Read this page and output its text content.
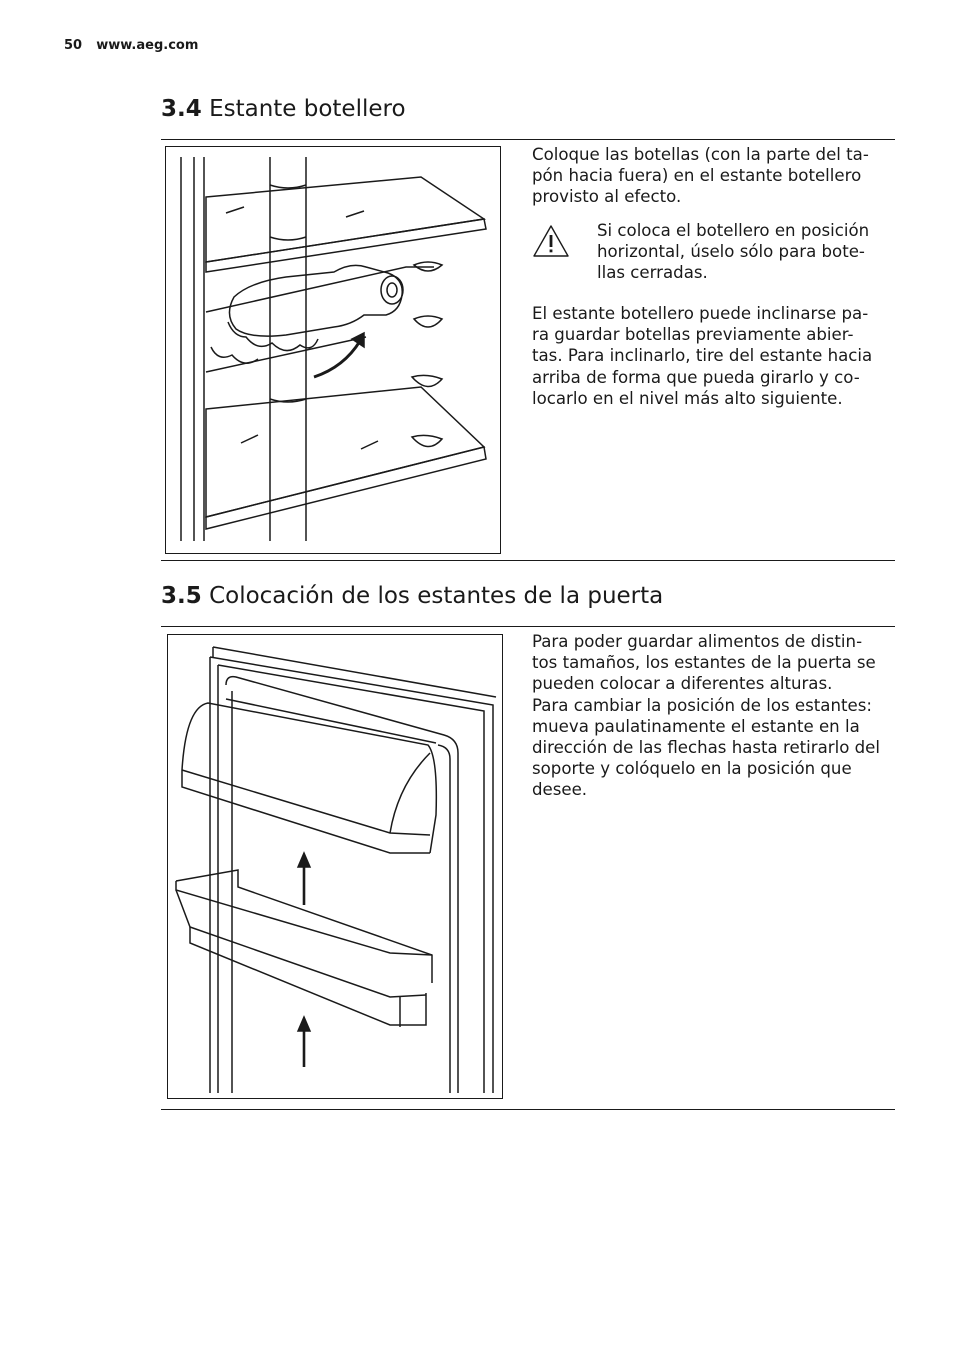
50 www.aeg.com
3.4 Estante botellero

Coloque las botellas (con la parte del ta-pón hacia fuera) en el estante botellero provisto al efecto.

Si coloca el botellero en posición horizontal, úselo sólo para bote-llas cerradas.

El estante botellero puede inclinarse pa-ra guardar botellas previamente abier-tas. Para inclinarlo, tire del estante hacia arriba de forma que pueda girarlo y co-locarlo en el nivel más alto siguiente.

3.5 Colocación de los estantes de la puerta

Para poder guardar alimentos de distin-tos tamaños, los estantes de la puerta se pueden colocar a diferentes alturas.

Para cambiar la posición de los estantes: mueva paulatinamente el estante en la dirección de las flechas hasta retirarlo del soporte y colóquelo en la posición que desee.
